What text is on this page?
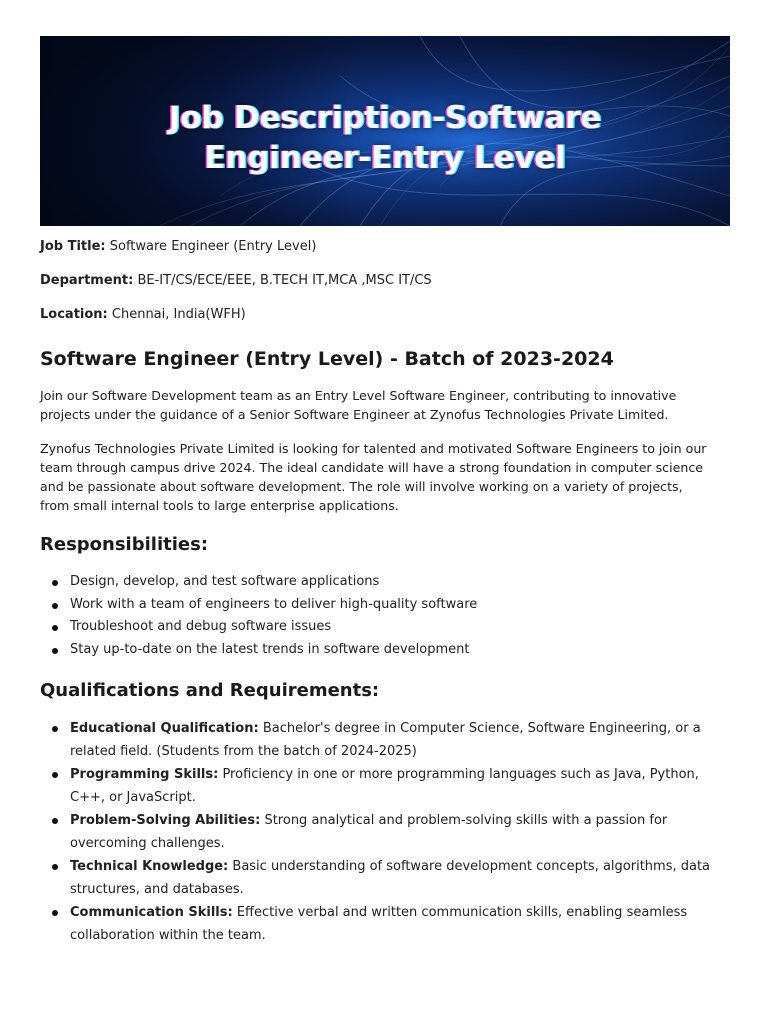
Job Description-Software
Engineer-Entry Level

Job Title: Software Engineer (Entry Level)

Department: BE-IT/CS/ECE/EEE, B.TECH IT,MCA ,MSC IT/CS

Location: Chennai, India(WFH)

Software Engineer (Entry Level) - Batch of 2023-2024

Join our Software Development team as an Entry Level Software Engineer, contributing to innovative projects under the guidance of a Senior Software Engineer at Zynofus Technologies Private Limited.

Zynofus Technologies Private Limited is looking for talented and motivated Software Engineers to join our team through campus drive 2024. The ideal candidate will have a strong foundation in computer science and be passionate about software development. The role will involve working on a variety of projects, from small internal tools to large enterprise applications.

Responsibilities:
Design, develop, and test software applications
Work with a team of engineers to deliver high-quality software
Troubleshoot and debug software issues
Stay up-to-date on the latest trends in software development
Qualifications and Requirements:
Educational Qualification: Bachelor's degree in Computer Science, Software Engineering, or a related field. (Students from the batch of 2024-2025)
Programming Skills: Proficiency in one or more programming languages such as Java, Python, C++, or JavaScript.
Problem-Solving Abilities: Strong analytical and problem-solving skills with a passion for overcoming challenges.
Technical Knowledge: Basic understanding of software development concepts, algorithms, data structures, and databases.
Communication Skills: Effective verbal and written communication skills, enabling seamless collaboration within the team.
